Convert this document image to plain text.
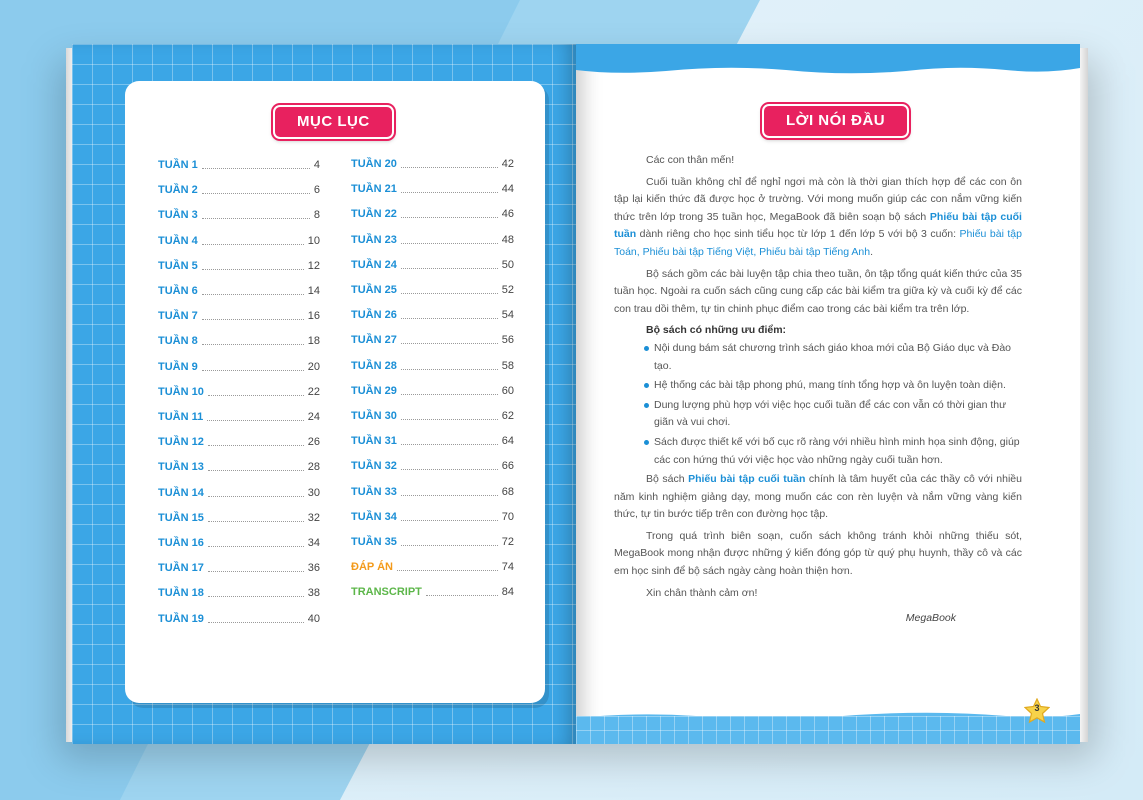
MỤC LỤC
TUẦN 1	4
TUẦN 2	6
TUẦN 3	8
TUẦN 4	10
TUẦN 5	12
TUẦN 6	14
TUẦN 7	16
TUẦN 8	18
TUẦN 9	20
TUẦN 10	22
TUẦN 11	24
TUẦN 12	26
TUẦN 13	28
TUẦN 14	30
TUẦN 15	32
TUẦN 16	34
TUẦN 17	36
TUẦN 18	38
TUẦN 19	40
TUẦN 20	42
TUẦN 21	44
TUẦN 22	46
TUẦN 23	48
TUẦN 24	50
TUẦN 25	52
TUẦN 26	54
TUẦN 27	56
TUẦN 28	58
TUẦN 29	60
TUẦN 30	62
TUẦN 31	64
TUẦN 32	66
TUẦN 33	68
TUẦN 34	70
TUẦN 35	72
ĐÁP ÁN	74
TRANSCRIPT	84
LỜI NÓI ĐẦU

Các con thân mến!

Cuối tuần không chỉ để nghỉ ngơi mà còn là thời gian thích hợp để các con ôn tập lại kiến thức đã được học ở trường. Với mong muốn giúp các con nắm vững kiến thức trên lớp trong 35 tuần học, MegaBook đã biên soạn bộ sách Phiếu bài tập cuối tuần dành riêng cho học sinh tiểu học từ lớp 1 đến lớp 5 với bộ 3 cuốn: Phiếu bài tập Toán, Phiếu bài tập Tiếng Việt, Phiếu bài tập Tiếng Anh.

Bộ sách gồm các bài luyện tập chia theo tuần, ôn tập tổng quát kiến thức của 35 tuần học. Ngoài ra cuốn sách cũng cung cấp các bài kiểm tra giữa kỳ và cuối kỳ để các con trau dồi thêm, tự tin chinh phục điểm cao trong các bài kiểm tra trên lớp.

Bộ sách có những ưu điểm:
Nội dung bám sát chương trình sách giáo khoa mới của Bộ Giáo dục và Đào tạo.
Hệ thống các bài tập phong phú, mang tính tổng hợp và ôn luyện toàn diện.
Dung lượng phù hợp với việc học cuối tuần để các con vẫn có thời gian thư giãn và vui chơi.
Sách được thiết kế với bố cục rõ ràng với nhiều hình minh họa sinh động, giúp các con hứng thú với việc học vào những ngày cuối tuần hơn.

Bộ sách Phiếu bài tập cuối tuần chính là tâm huyết của các thầy cô với nhiều năm kinh nghiệm giảng dạy, mong muốn các con rèn luyện và nắm vững vàng kiến thức, tự tin bước tiếp trên con đường học tập.

Trong quá trình biên soạn, cuốn sách không tránh khỏi những thiếu sót, MegaBook mong nhận được những ý kiến đóng góp từ quý phụ huynh, thầy cô và các em học sinh để bộ sách ngày càng hoàn thiện hơn.

Xin chân thành cảm ơn!

MegaBook
3
